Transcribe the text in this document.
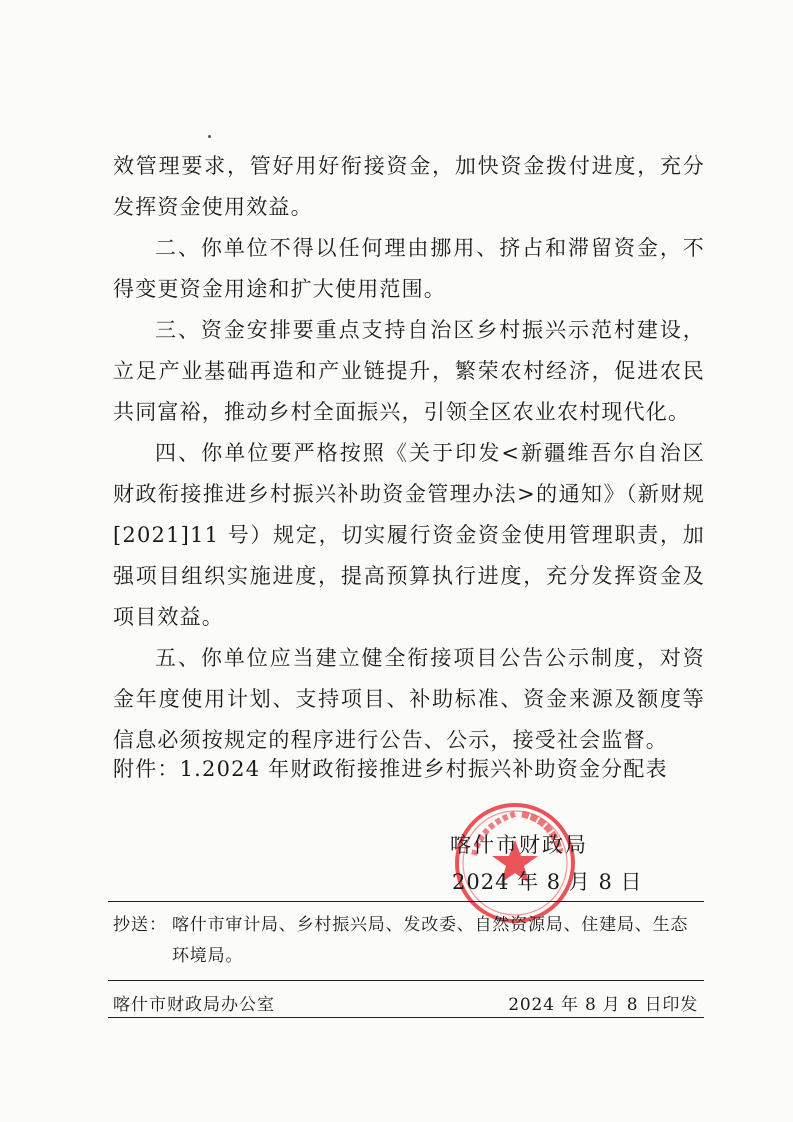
效管理要求，管好用好衔接资金，加快资金拨付进度，充分发挥资金使用效益。

二、你单位不得以任何理由挪用、挤占和滞留资金，不得变更资金用途和扩大使用范围。

三、资金安排要重点支持自治区乡村振兴示范村建设，立足产业基础再造和产业链提升，繁荣农村经济，促进农民共同富裕，推动乡村全面振兴，引领全区农业农村现代化。

四、你单位要严格按照《关于印发<新疆维吾尔自治区财政衔接推进乡村振兴补助资金管理办法>的通知》（新财规[2021]11 号）规定，切实履行资金资金使用管理职责，加强项目组织实施进度，提高预算执行进度，充分发挥资金及项目效益。

五、你单位应当建立健全衔接项目公告公示制度，对资金年度使用计划、支持项目、补助标准、资金来源及额度等信息必须按规定的程序进行公告、公示，接受社会监督。

附件：1.2024 年财政衔接推进乡村振兴补助资金分配表
喀什市财政局
2024 年 8 月 8 日
抄送： 喀什市审计局、乡村振兴局、发改委、自然资源局、住建局、生态
环境局。
喀什市财政局办公室	2024 年 8 月 8 日印发
